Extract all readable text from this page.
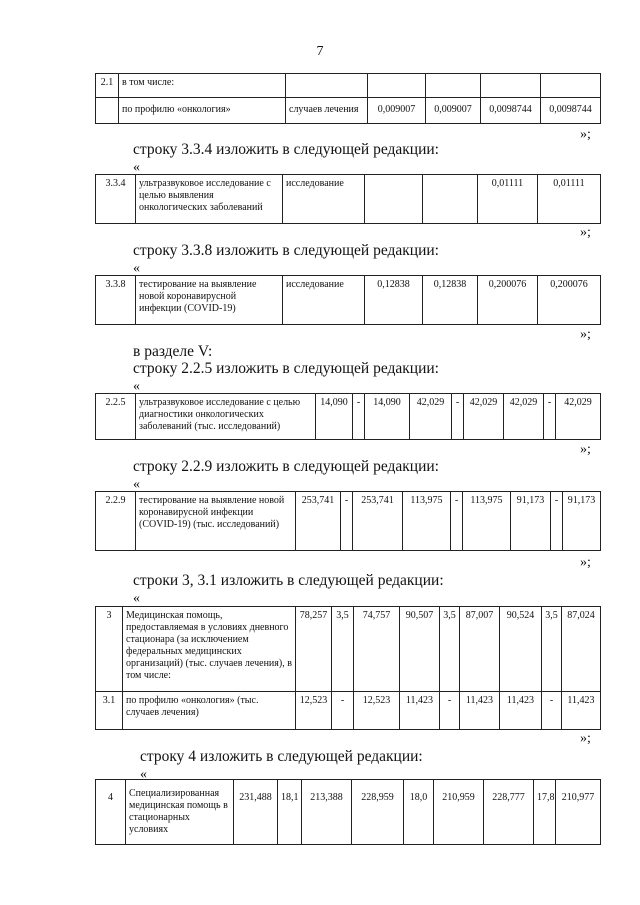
7
2.1	в том числе:					
	по профилю «онкология»	случаев лечения	0,009007	0,009007	0,0098744	0,0098744
»;
строку 3.3.4 изложить в следующей редакции:
«
3.3.4	ультразвуковое исследование с целью выявления онкологических заболеваний	исследование			0,01111	0,01111
»;
строку 3.3.8 изложить в следующей редакции:
«
3.3.8	тестирование на выявление новой коронавирусной инфекции (COVID-19)	исследование	0,12838	0,12838	0,200076	0,200076
»;
в разделе V:
строку 2.2.5 изложить в следующей редакции:
«
2.2.5	ультразвуковое исследование с целью диагностики онкологических заболеваний (тыс. исследований)	14,090	-	14,090	42,029	-	42,029	42,029	-	42,029
»;
строку 2.2.9 изложить в следующей редакции:
«
2.2.9	тестирование на выявление новой коронавирусной инфекции (COVID-19) (тыс. исследований)	253,741	-	253,741	113,975	-	113,975	91,173	-	91,173
»;
строки 3, 3.1 изложить в следующей редакции:
«
3	Медицинская помощь, предоставляемая в условиях дневного стационара (за исключением федеральных медицинских организаций) (тыс. случаев лечения), в том числе:	78,257	3,5	74,757	90,507	3,5	87,007	90,524	3,5	87,024
3.1	по профилю «онкология» (тыс. случаев лечения)	12,523	-	12,523	11,423	-	11,423	11,423	-	11,423
»;
строку 4 изложить в следующей редакции:
«
4	Специализированная медицинская помощь в стационарных условиях	231,488	18,1	213,388	228,959	18,0	210,959	228,777	17,8	210,977
